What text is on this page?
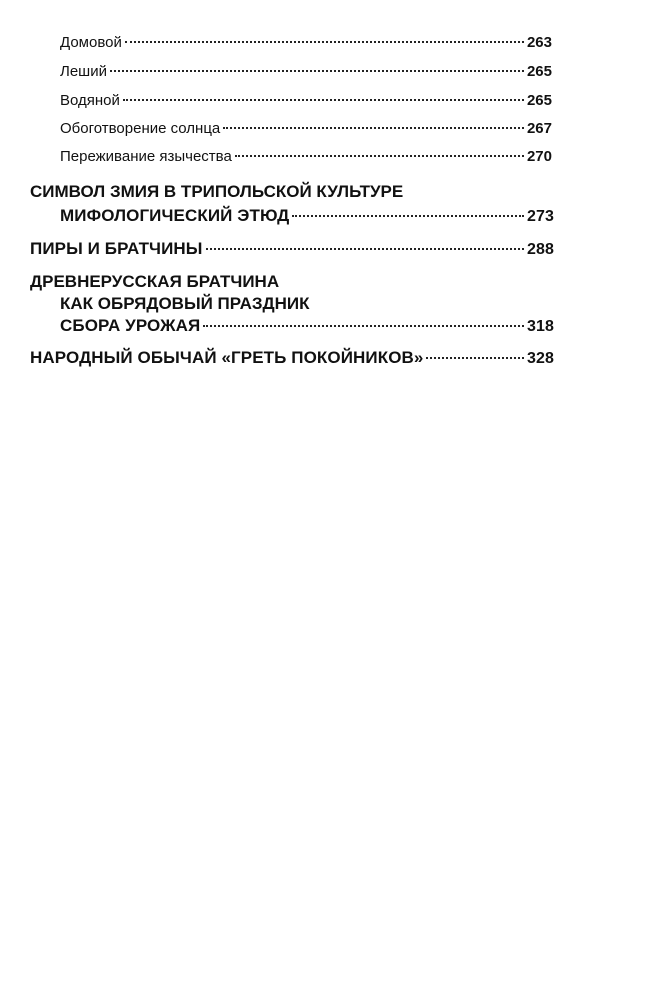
Домовой	263
Леший	265
Водяной	265
Обоготворение солнца	267
Переживание язычества	270
СИМВОЛ ЗМИЯ В ТРИПОЛЬСКОЙ КУЛЬТУРЕ
МИФОЛОГИЧЕСКИЙ ЭТЮД	273
ПИРЫ И БРАТЧИНЫ	288
ДРЕВНЕРУССКАЯ БРАТЧИНА
КАК ОБРЯДОВЫЙ ПРАЗДНИК
СБОРА УРОЖАЯ	318
НАРОДНЫЙ ОБЫЧАЙ «ГРЕТЬ ПОКОЙНИКОВ»	328
